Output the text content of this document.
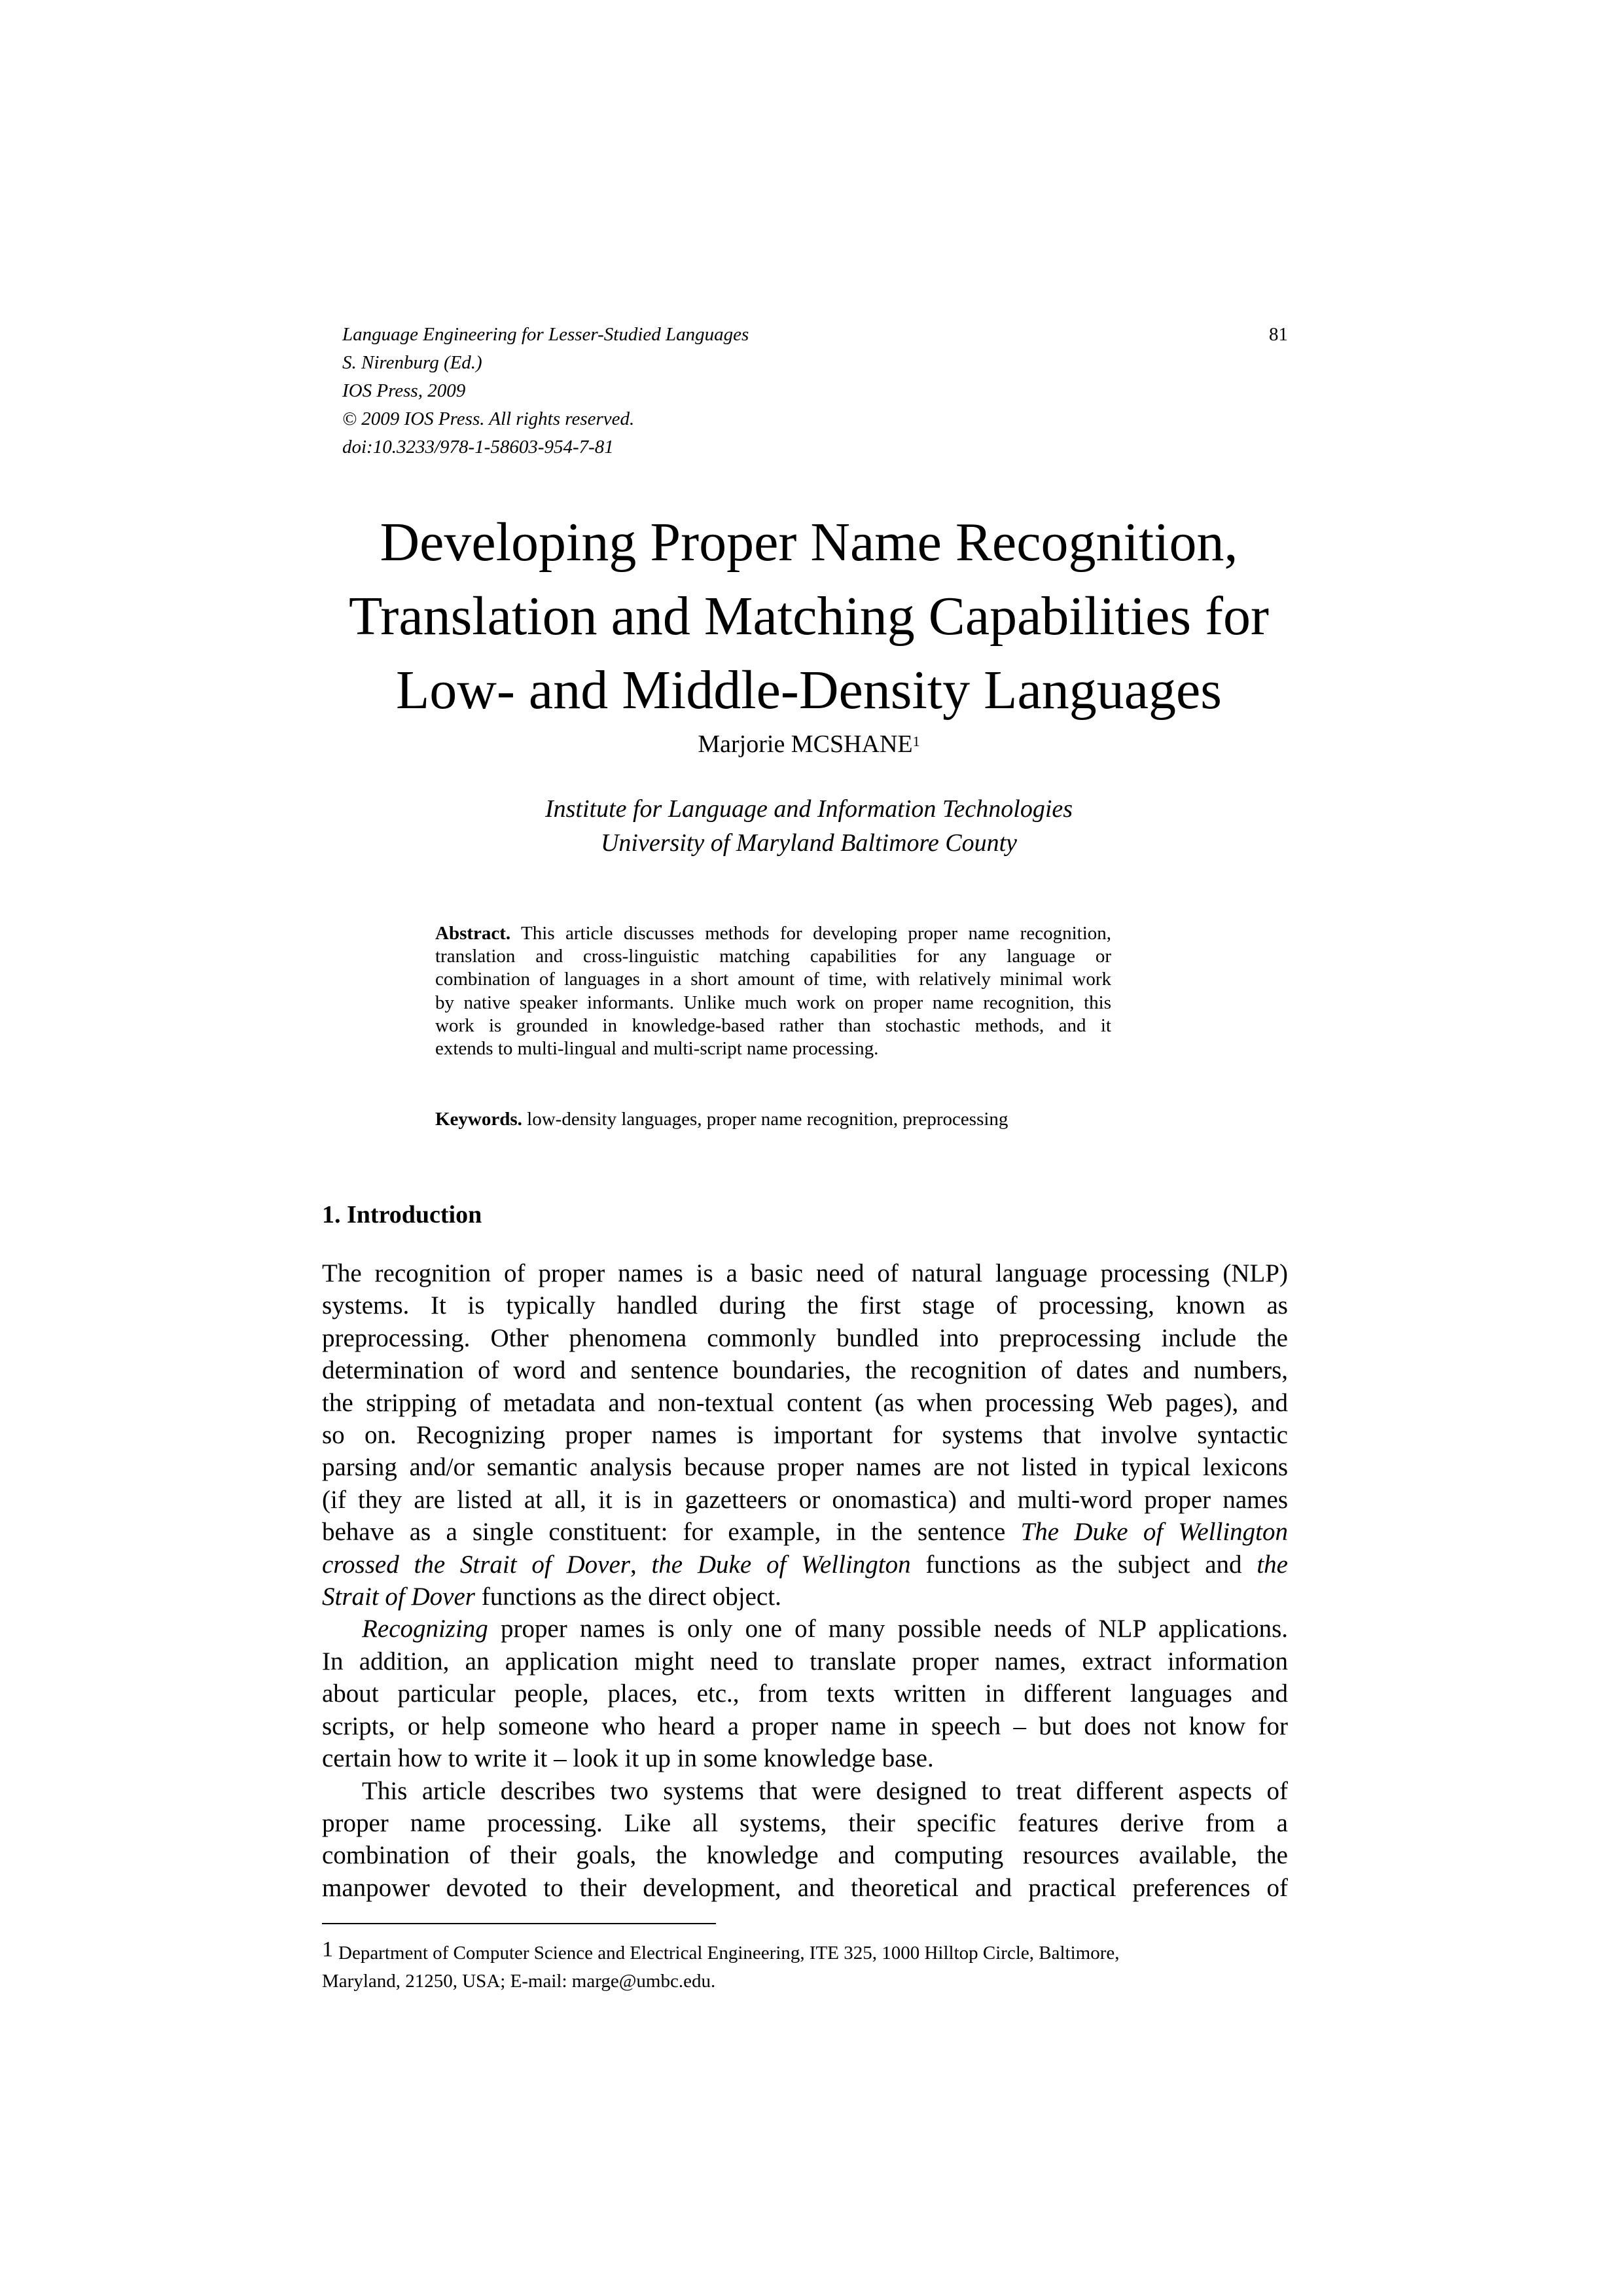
Language Engineering for Lesser-Studied Languages
S. Nirenburg (Ed.)
IOS Press, 2009
© 2009 IOS Press. All rights reserved.
doi:10.3233/978-1-58603-954-7-81
81
Developing Proper Name Recognition,
Translation and Matching Capabilities for
Low- and Middle-Density Languages
Marjorie MCSHANE$^1$
Institute for Language and Information Technologies
University of Maryland Baltimore County
Abstract. This article discusses methods for developing proper name recognition,
translation and cross-linguistic matching capabilities for any language or
combination of languages in a short amount of time, with relatively minimal work
by native speaker informants. Unlike much work on proper name recognition, this
work is grounded in knowledge-based rather than stochastic methods, and it
extends to multi-lingual and multi-script name processing.
Keywords. low-density languages, proper name recognition, preprocessing
1. Introduction
The recognition of proper names is a basic need of natural language processing (NLP)
systems. It is typically handled during the first stage of processing, known as
preprocessing. Other phenomena commonly bundled into preprocessing include the
determination of word and sentence boundaries, the recognition of dates and numbers,
the stripping of metadata and non-textual content (as when processing Web pages), and
so on. Recognizing proper names is important for systems that involve syntactic
parsing and/or semantic analysis because proper names are not listed in typical lexicons
(if they are listed at all, it is in gazetteers or onomastica) and multi-word proper names
behave as a single constituent: for example, in the sentence The Duke of Wellington
crossed the Strait of Dover, the Duke of Wellington functions as the subject and the
Strait of Dover functions as the direct object.
Recognizing proper names is only one of many possible needs of NLP applications.
In addition, an application might need to translate proper names, extract information
about particular people, places, etc., from texts written in different languages and
scripts, or help someone who heard a proper name in speech – but does not know for
certain how to write it – look it up in some knowledge base.
This article describes two systems that were designed to treat different aspects of
proper name processing. Like all systems, their specific features derive from a
combination of their goals, the knowledge and computing resources available, the
manpower devoted to their development, and theoretical and practical preferences of
$^1$ Department of Computer Science and Electrical Engineering, ITE 325, 1000 Hilltop Circle, Baltimore,
Maryland, 21250, USA; E-mail: marge@umbc.edu.
